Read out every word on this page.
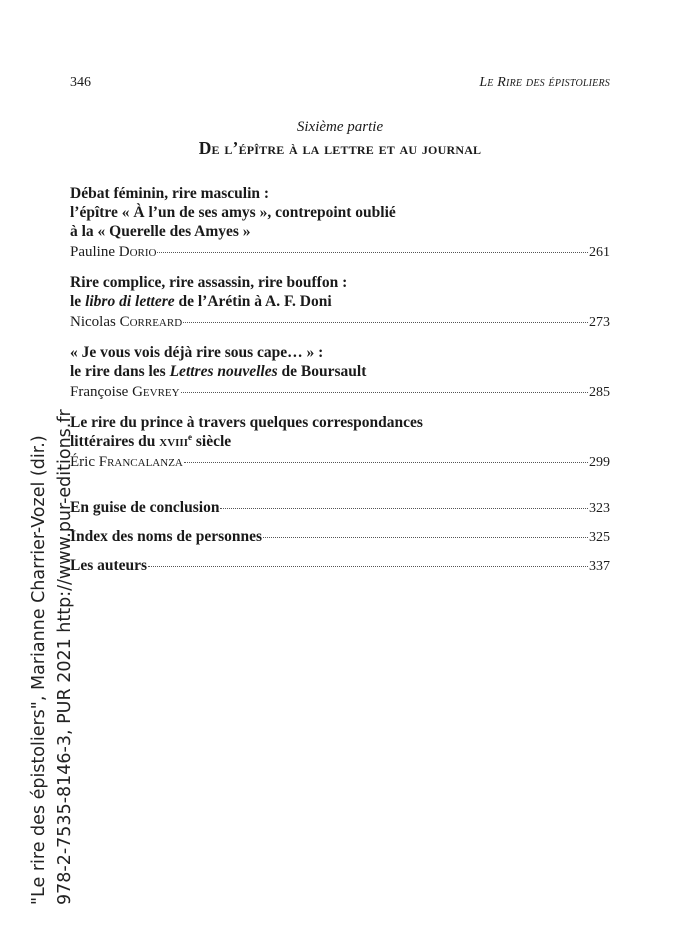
346	Le Rire des épistoliers
Sixième partie
De l’épître à la lettre et au journal
Débat féminin, rire masculin :
l’épître « À l’un de ses amys », contrepoint oublié
à la « Querelle des Amyes »
Pauline Dorio	261
Rire complice, rire assassin, rire bouffon :
le libro di lettere de l’Arétin à A. F. Doni
Nicolas Correard	273
« Je vous vois déjà rire sous cape… » :
le rire dans les Lettres nouvelles de Boursault
Françoise Gevrey	285
Le rire du prince à travers quelques correspondances
littéraires du xviii$^e$ siècle
Éric Francalanza	299
En guise de conclusion	323
Index des noms de personnes	325
Les auteurs	337
"Le rire des épistoliers", Marianne Charrier-Vozel (dir.) 978-2-7535-8146-3, PUR 2021 http://www.pur-editions.fr
